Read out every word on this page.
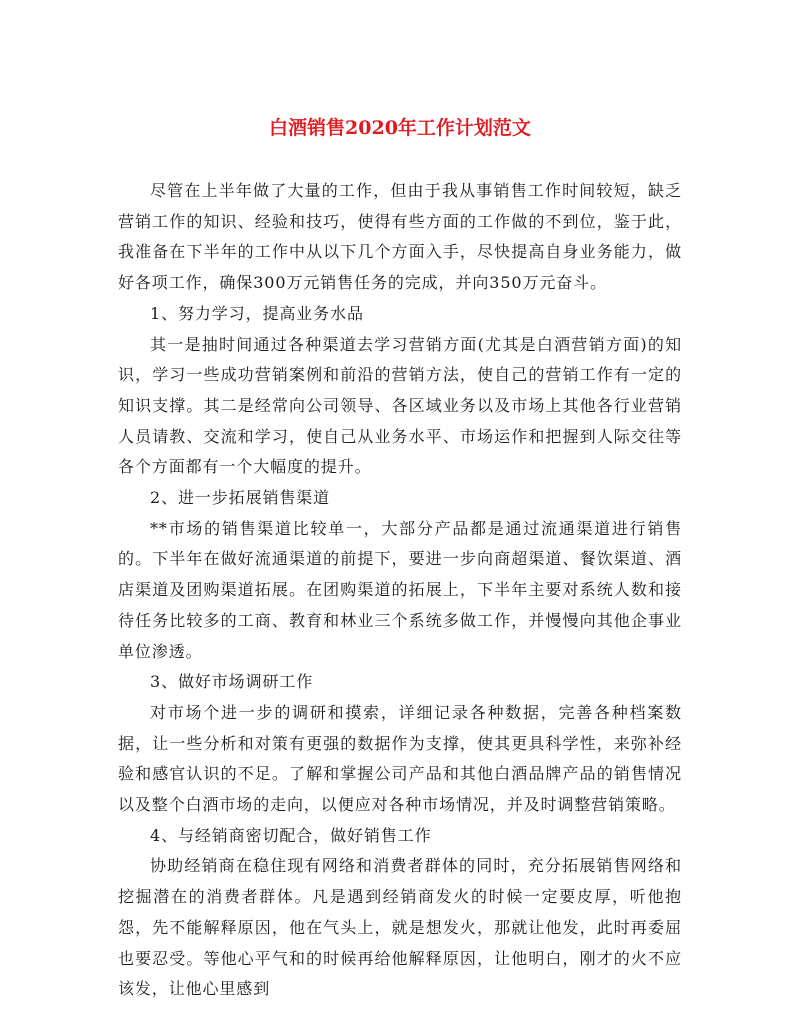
白酒销售2020年工作计划范文

尽管在上半年做了大量的工作，但由于我从事销售工作时间较短，缺乏营销工作的知识、经验和技巧，使得有些方面的工作做的不到位，鉴于此，我准备在下半年的工作中从以下几个方面入手，尽快提高自身业务能力，做好各项工作，确保300万元销售任务的完成，并向350万元奋斗。

1、努力学习，提高业务水品

其一是抽时间通过各种渠道去学习营销方面(尤其是白酒营销方面)的知识，学习一些成功营销案例和前沿的营销方法，使自己的营销工作有一定的知识支撑。其二是经常向公司领导、各区域业务以及市场上其他各行业营销人员请教、交流和学习，使自己从业务水平、市场运作和把握到人际交往等各个方面都有一个大幅度的提升。

2、进一步拓展销售渠道

**市场的销售渠道比较单一，大部分产品都是通过流通渠道进行销售的。下半年在做好流通渠道的前提下，要进一步向商超渠道、餐饮渠道、酒店渠道及团购渠道拓展。在团购渠道的拓展上，下半年主要对系统人数和接待任务比较多的工商、教育和林业三个系统多做工作，并慢慢向其他企事业单位渗透。

3、做好市场调研工作

对市场个进一步的调研和摸索，详细记录各种数据，完善各种档案数据，让一些分析和对策有更强的数据作为支撑，使其更具科学性，来弥补经验和感官认识的不足。了解和掌握公司产品和其他白酒品牌产品的销售情况以及整个白酒市场的走向，以便应对各种市场情况，并及时调整营销策略。

4、与经销商密切配合，做好销售工作

协助经销商在稳住现有网络和消费者群体的同时，充分拓展销售网络和挖掘潜在的消费者群体。凡是遇到经销商发火的时候一定要皮厚，听他抱怨，先不能解释原因，他在气头上，就是想发火，那就让他发，此时再委屈也要忍受。等他心平气和的时候再给他解释原因，让他明白，刚才的火不应该发，让他心里感到
